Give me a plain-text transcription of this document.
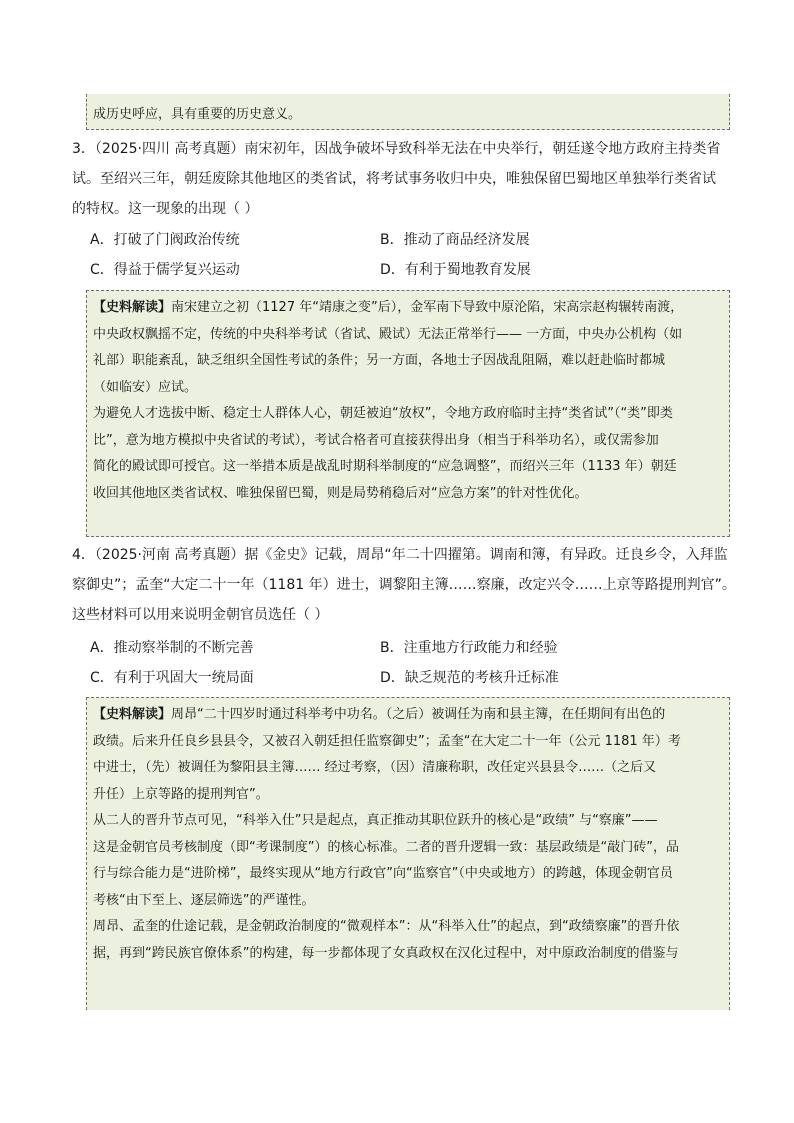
成历史呼应，具有重要的历史意义。

3．（2025·四川 高考真题）南宋初年，因战争破坏导致科举无法在中央举行，朝廷遂令地方政府主持类省
试。至绍兴三年，朝廷废除其他地区的类省试，将考试事务收归中央，唯独保留巴蜀地区单独举行类省试
的特权。这一现象的出现（ ）
A．打破了门阀政治传统	B．推动了商品经济发展
C．得益于儒学复兴运动	D．有利于蜀地教育发展

【史料解读】南宋建立之初（1127 年“靖康之变”后），金军南下导致中原沦陷，宋高宗赵构辗转南渡，

中央政权飘摇不定，传统的中央科举考试（省试、殿试）无法正常举行—— 一方面，中央办公机构（如

礼部）职能紊乱，缺乏组织全国性考试的条件；另一方面，各地士子因战乱阻隔，难以赶赴临时都城

（如临安）应试。

为避免人才选拔中断、稳定士人群体人心，朝廷被迫“放权”，令地方政府临时主持“类省试”（“类”即类

比”，意为地方模拟中央省试的考试），考试合格者可直接获得出身（相当于科举功名），或仅需参加

简化的殿试即可授官。这一举措本质是战乱时期科举制度的“应急调整”，而绍兴三年（1133 年）朝廷

收回其他地区类省试权、唯独保留巴蜀，则是局势稍稳后对“应急方案”的针对性优化。

4．（2025·河南 高考真题）据《金史》记载，周昂“年二十四擢第。调南和簿，有异政。迁良乡令，入拜监
察御史”；孟奎“大定二十一年（1181 年）进士，调黎阳主簿……察廉，改定兴令……上京等路提刑判官”。
这些材料可以用来说明金朝官员选任（ ）
A．推动察举制的不断完善	B．注重地方行政能力和经验
C．有利于巩固大一统局面	D．缺乏规范的考核升迁标准

【史料解读】周昂“二十四岁时通过科举考中功名。（之后）被调任为南和县主簿，在任期间有出色的

政绩。后来升任良乡县县令，又被召入朝廷担任监察御史”；孟奎“在大定二十一年（公元 1181 年）考

中进士，（先）被调任为黎阳县主簿…… 经过考察，（因）清廉称职，改任定兴县县令……（之后又

升任）上京等路的提刑判官”。

从二人的晋升节点可见，“科举入仕”只是起点，真正推动其职位跃升的核心是“政绩” 与“察廉”——

这是金朝官员考核制度（即“考课制度”）的核心标准。二者的晋升逻辑一致：基层政绩是“敲门砖”，品

行与综合能力是“进阶梯”，最终实现从“地方行政官”向“监察官”（中央或地方）的跨越，体现金朝官员

考核“由下至上、逐层筛选”的严谨性。

周昂、孟奎的仕途记载，是金朝政治制度的“微观样本”：从“科举入仕”的起点，到“政绩察廉”的晋升依

据，再到“跨民族官僚体系”的构建，每一步都体现了女真政权在汉化过程中，对中原政治制度的借鉴与
